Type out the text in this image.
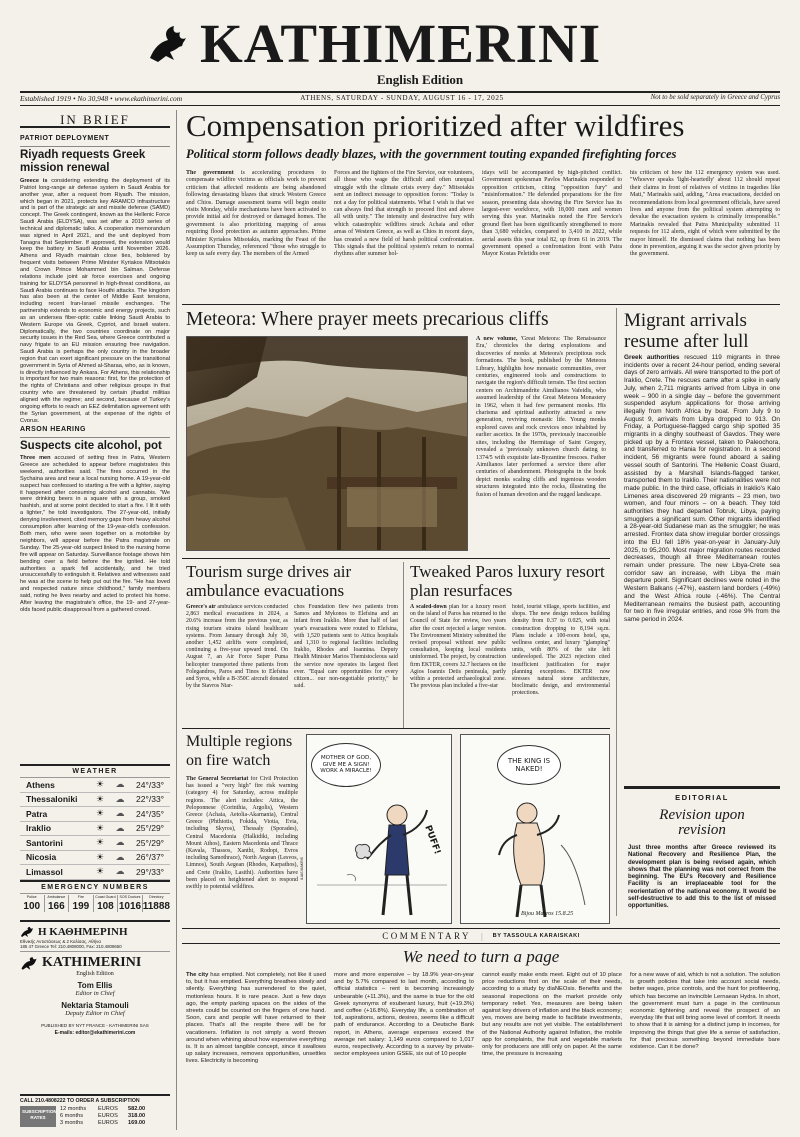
KATHIMERINI
English Edition
Established 1919 • No 30,948 • www.ekathimerini.com	ATHENS, SATURDAY - SUNDAY, AUGUST 16 - 17, 2025	Not to be sold separately in Greece and Cyprus
IN BRIEF
PATRIOT DEPLOYMENT
Riyadh requests Greek mission renewal
Greece is considering extending the deployment of its Patriot long-range air defense system in Saudi Arabia for another year, after a request from Riyadh. The mission, which began in 2021, protects key ARAMCO infrastructure and is part of the strategic air and missile defense (SAMD) concept. The Greek contingent, known as the Hellenic Force Saudi Arabia (ELDYSA), was set after a 2019 series of technical and diplomatic talks. A cooperation memorandum was signed in April 2021, and the unit deployed from Tanagra that September. If approved, the extension would keep the battery in Saudi Arabia until November 2026. Athens and Riyadh maintain close ties, bolstered by frequent visits between Prime Minister Kyriakos Mitsotakis and Crown Prince Mohammed bin Salman. Defense relations include joint air force exercises and ongoing training for ELDYSA personnel in high-threat conditions, as Saudi Arabia continues to face Houthi attacks. The kingdom has also been at the center of Middle East tensions, including recent Iran-Israel missile exchanges. The partnership extends to economic and energy projects, such as an undersea fiber-optic cable linking Saudi Arabia to Western Europe via Greek, Cypriot, and Israeli waters. Diplomatically, the two countries coordinate on major security issues in the Red Sea, where Greece contributed a navy frigate to an EU mission ensuring free navigation. Saudi Arabia is perhaps the only country in the broader region that can exert significant pressure on the transitional government in Syria of Ahmed al-Sharaa, who, as is known, is directly influenced by Ankara. For Athens, this relationship is important for two main reasons: first, for the protection of the rights of Christians and other religious groups in that country who are threatened by certain jihadist militias aligned with the regime; and second, because of Turkey's ongoing efforts to reach an EEZ delimitation agreement with the Syrian government, at the expense of the rights of Cyprus.
ARSON HEARING
Suspects cite alcohol, pot
Three men accused of setting fires in Patra, Western Greece are scheduled to appear before magistrates this weekend, authorities said. The fires occurred in the Sychaina area and near a local nursing home. A 19-year-old suspect has confessed to starting a fire with a lighter, saying it happened after consuming alcohol and cannabis. "We were drinking beers in a square with a group, smoked hashish, and at some point decided to start a fire. I lit it with a lighter," he told investigators. The 27-year-old, initially denying involvement, cited memory gaps from heavy alcohol consumption after learning of the 19-year-old's confession. Both men, who were seen together on a motorbike by neighbors, will appear before the Patra magistrate on Sunday. The 25-year-old suspect linked to the nursing home fire will appear on Saturday. Surveillance footage shows him bending over a field before the fire ignited. He told authorities a spark fell accidentally, and he tried unsuccessfully to extinguish it. Relatives and witnesses said he was at the scene to help put out the fire. "He has loved and respected nature since childhood," family members said, noting he lives nearby and acted to protect his home. After leaving the magistrate's office, the 19- and 27-year-olds faced public disapproval from a gathered crowd.
WEATHER
Athens	☀	☁	24°/33°
Thessaloniki	☀	☁	22°/33°
Patra	☀	☁	24°/35°
Iraklio	☀	☁	25°/29°
Santorini	☀	☁	25°/29°
Nicosia	☀	☁	26°/37°
Limassol	☀	☁	29°/33°
EMERGENCY NUMBERS
Police
100
Ambulance
166
Fire
199
Coast Guard
108
SOS Doctors
1016
Directory
11888
Η ΚΑΘΗΜΕΡΙΝΗ
Εθνικής Αντιστάσεως & 2 Καλίσας, Αθήνα
185 47 Greece Tel: 210.4808000, Fax: 210.4808650
KATHIMERINI
English Edition
Tom Ellis
Editor in Chief
Nektaria Stamouli
Deputy Editor in Chief
PUBLISHED BY NYT FRANCE - KATHIMERINI SAS
E-mails: editor@ekathimerini.com
CALL 210.4808222 TO ORDER A SUBSCRIPTION
SUBSCRIPTION RATES
12 months	EUROS	582.00
6 months	EUROS	318.00
3 months	EUROS	169.00
Compensation prioritized after wildfires
Political storm follows deadly blazes, with the government touting expanded firefighting forces
The government is accelerating procedures to compensate wildfire victims as officials work to prevent criticism that affected residents are being abandoned following devastating blazes that struck Western Greece and Chios. Damage assessment teams will begin onsite visits Monday, while mechanisms have been activated to provide initial aid for destroyed or damaged homes. The government is also prioritizing mapping of areas requiring flood protection as autumn approaches. Prime Minister Kyriakos Mitsotakis, marking the Feast of the Assumption Thursday, referenced "those who struggle to keep us safe every day. The members of the Armed
Forces and the fighters of the Fire Service, our volunteers, all those who wage the difficult and often unequal struggle with the climate crisis every day." Mitsotakis sent an indirect message to opposition forces: "Today is not a day for political statements. What I wish is that we can always find that strength to proceed first and above all with unity." The intensity and destructive fury with which catastrophic wildfires struck Achaia and other areas of Western Greece, as well as Chios in recent days, has created a new field of harsh political confrontation. This signals that the political system's return to normal rhythms after summer hol-
idays will be accompanied by high-pitched conflict. Government spokesman Pavlos Marinakis responded to opposition criticism, citing "opposition fury" and "misinformation." He defended preparations for the fire season, presenting data showing the Fire Service has its largest-ever workforce, with 18,000 men and women serving this year. Marinakis noted the Fire Service's ground fleet has been significantly strengthened to more than 3,680 vehicles, compared to 3,410 in 2022, while aerial assets this year total 82, up from 61 in 2019. The government opened a confrontation front with Patra Mayor Kostas Peletidis over
his criticism of how the 112 emergency system was used. "Whoever speaks 'light-heartedly' about 112 should repeat their claims in front of relatives of victims in tragedies like Mati," Marinakis said, adding, "Area evacuations, decided on recommendations from local government officials, have saved lives and anyone from the political system attempting to devalue the evacuation system is criminally irresponsible." Marinakis revealed that Patra Municipality submitted 11 requests for 112 alerts, eight of which were submitted by the mayor himself. He dismissed claims that nothing has been done in prevention, arguing it was the sector given priority by the government.
Meteora: Where prayer meets precarious cliffs
A new volume, 'Great Meteora: The Renaissance Era,' chronicles the daring explorations and discoveries of monks at Meteora's precipitous rock formations. The book, published by the Meteora Library, highlights how monastic communities, over centuries, engineered tools and constructions to navigate the region's difficult terrain. The first section centers on Archimandrite Aimilianos Vafeidis, who assumed leadership of the Great Meteora Monastery in 1962, when it had few permanent monks. His charisma and spiritual authority attracted a new generation, reviving monastic life. Young monks explored caves and rock crevices once inhabited by earlier ascetics. In the 1970s, previously inaccessible sites, including the Hermitage of Saint Gregory, revealed a 'previously unknown church dating to 1374/5 with exquisite late-Byzantine frescoes. Father Aimilianos later performed a service there after centuries of abandonment. Photographs in the book depict monks scaling cliffs and ingenious wooden structures integrated into the rocks, illustrating the fusion of human devotion and the rugged landscape.
Tourism surge drives air ambulance evacuations
Greece's air ambulance services conducted 2,863 medical evacuations in 2024, a 20.6% increase from the previous year, as rising tourism strains island healthcare systems. From January through July 30, another 1,452 airlifts were completed, continuing a five-year upward trend. On August 7, an Air Force Super Puma helicopter transported three patients from Folegandros, Paros and Tinos to Elefsina and Syros, while a B-350C aircraft donated by the Stavros Niar-
chos Foundation flew two patients from Samos and Mykonos to Elefsina and an infant from Iraklio. More than half of last year's evacuations were routed to Elefsina, with 1,520 patients sent to Attica hospitals and 1,310 to regional facilities including Iraklio, Rhodes and Ioannina. Deputy Health Minister Marios Themistocleous said the service now operates its largest fleet ever. "Equal care opportunities for every citizen... our non-negotiable priority," he said.
Tweaked Paros luxury resort plan resurfaces
A scaled-down plan for a luxury resort on the island of Paros has returned to the Council of State for review, two years after the court rejected a larger version. The Environment Ministry submitted the revised proposal without new public consultation, keeping local residents uninformed. The project, by construction firm EKTER, covers 32.7 hectares on the Agios Ioannis Detis peninsula, partly within a protected archaeological zone. The previous plan included a five-star
hotel, tourist village, sports facilities, and shops. The new design reduces building density from 0.37 to 0.025, with total construction dropping to 8,194 sq.m. Plans include a 100-room hotel, spa, wellness center, and luxury "glamping" units, with 80% of the site left undeveloped. The 2023 rejection cited insufficient justification for major planning exceptions. EKTER now stresses natural stone architecture, bioclimatic design, and environmental protections.
Multiple regions on fire watch
The General Secretariat for Civil Protection has issued a "very high" fire risk warning (category 4) for Saturday, across multiple regions. The alert includes: Attica, the Peloponnese (Corinthia, Argolis), Western Greece (Achaia, Aetolia-Akarnania), Central Greece (Phthiotis, Fokida, Viotia, Evia, including Skyros), Thessaly (Sporades), Central Macedonia (Halkidiki, including Mount Athos), Eastern Macedonia and Thrace (Kavala, Thassos, Xanthi, Rodopi, Evros including Samothrace), North Aegean (Lesvos, Limnos), South Aegean (Rhodes, Karpathos), and Crete (Iraklio, Lasithi). Authorities have been placed on heightened alert to respond swiftly to potential wildfires.
MOTHER OF GOD, GIVE ME A SIGN! WORK A MIRACLE!
PUFF!
ILIAS MAKRIS
THE KING IS NAKED!
Bijou Mavros 15.8.25
Migrant arrivals resume after lull
Greek authorities rescued 119 migrants in three incidents over a recent 24-hour period, ending several days of zero arrivals. All were transported to the port of Iraklio, Crete. The rescues came after a spike in early July, when 2,711 migrants arrived from Libya in one week – 900 in a single day – before the government suspended asylum applications for those arriving illegally from North Africa by boat. From July 9 to August 9, arrivals from Libya dropped to 913. On Friday, a Portuguese-flagged cargo ship spotted 35 migrants in a dinghy southeast of Gavdos. They were picked up by a Frontex vessel, taken to Paleochora, and transferred to Hania for registration. In a second incident, 56 migrants were found aboard a sailing vessel south of Santorini. The Hellenic Coast Guard, assisted by a Marshall Islands-flagged tanker, transported them to Iraklio. Their nationalities were not made public. In the third case, officials in Iraklio's Kalo Limenes area discovered 29 migrants – 23 men, two women, and four minors – on a beach. They told authorities they had departed Tobruk, Libya, paying smugglers a significant sum. Other migrants identified a 28-year-old Sudanese man as the smuggler; he was arrested. Frontex data show irregular border crossings into the EU fell 18% year-on-year in January-July 2025, to 95,200. Most major migration routes recorded decreases, though all three Mediterranean routes remain under pressure. The new Libya-Crete sea corridor saw an increase, with Libya the main departure point. Significant declines were noted in the Western Balkans (-47%), eastern land borders (-49%) and the West Africa route (-46%). The Central Mediterranean remains the busiest path, accounting for two in five irregular entries, and rose 9% from the same period in 2024.
EDITORIAL
Revision upon revision
Just three months after Greece reviewed its National Recovery and Resilience Plan, the development plan is being revised again, which shows that the planning was not correct from the beginning. The EU's Recovery and Resilience Facility is an irreplaceable tool for the reorientation of the national economy. It would be self-destructive to add this to the list of missed opportunities.
COMMENTARY | BY TASSOULA KARAISKAKI
We need to turn a page
The city has emptied. Not completely, not like it used to, but it has emptied. Everything breathes slowly and silently. Everything has surrendered to the quiet, motionless hours. It is rare peace. Just a few days ago, the empty parking spaces on the sides of the streets could be counted on the fingers of one hand. Soon, cars and people will have returned to their places. That's all the respite there will be for vacationers. Inflation is not simply a word thrown around when whining about how expensive everything is. It is an almost tangible concept, since it swallows up salary increases, removes opportunities, unsettles lives. Electricity is becoming
more and more expensive – by 18.9% year-on-year and by 5.7% compared to last month, according to official statistics – rent is becoming increasingly unbearable (+11.3%), and the same is true for the old Greek synonyms of exuberant luxury, fruit (+19.3%) and coffee (+16.8%). Everyday life, a combination of toil, aspirations, actions, desires, seems like a difficult path of endurance. According to a Deutsche Bank report, in Athens, average expenses exceed the average net salary: 1,149 euros compared to 1,017 euros, respectively. According to a survey by private-sector employees union GSEE, six out of 10 people
cannot easily make ends meet. Eight out of 10 place price reductions first on the scale of their needs, according to a study by diaNEOsis. Benefits and the seasonal inspections on the market provide only temporary relief. Yes, measures are being taken against key drivers of inflation and the black economy; yes, moves are being made to facilitate investments, but any results are not yet visible. The establishment of the National Authority against Inflation, the mobile app for complaints, the fruit and vegetable markets only for producers are still only on paper. At the same time, the pressure is increasing
for a new wave of aid, which is not a solution. The solution is growth policies that take into account social needs, better wages, price controls, and the hunt for profiteering, which has become an invincible Lernaean Hydra. In short, the government must turn a page in the continuous economic tightening and reveal the prospect of an everyday life that will bring some level of comfort. It needs to show that it is aiming for a distinct jump in incomes, for improving the things that give life a sense of satisfaction, for that precious something beyond immediate bare existence. Can it be done?
